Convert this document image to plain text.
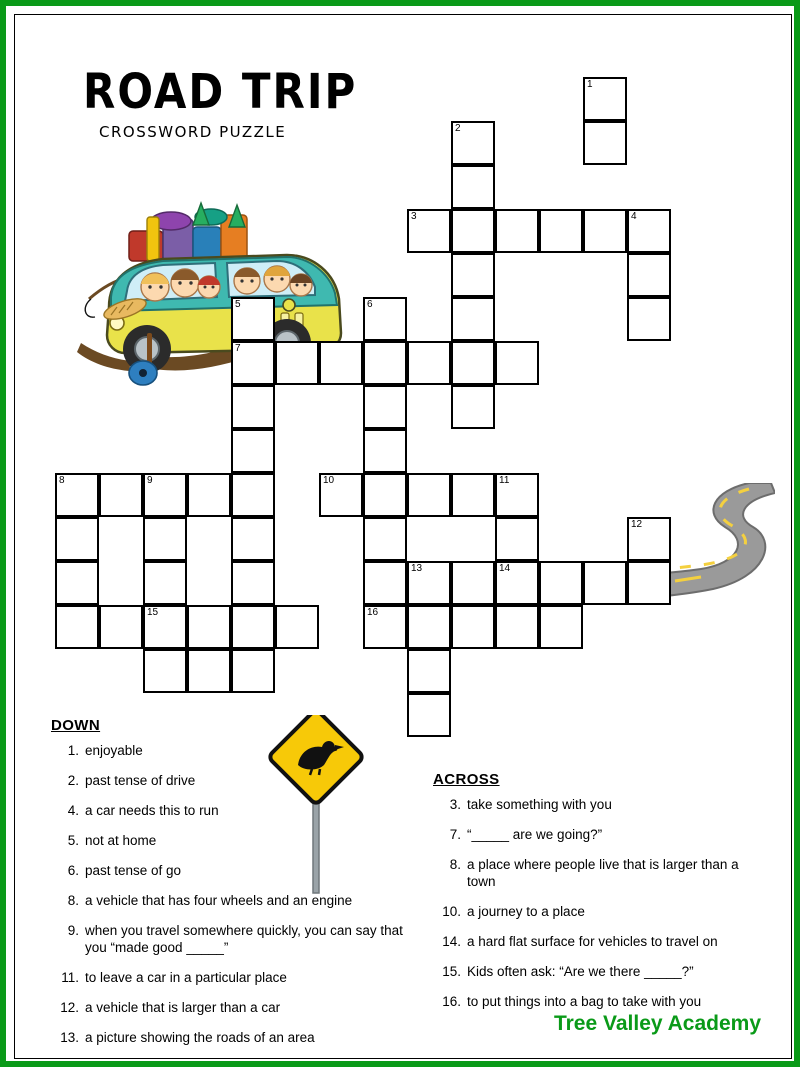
ROAD TRIP
CROSSWORD PUZZLE
1
2
3	4
5	6
7
8	9	10	11
12
13	14
15	16
DOWN
1. enjoyable
2. past tense of drive
4. a car needs this to run
5. not at home
6. past tense of go
8. a vehicle that has four wheels and an engine
9. when you travel somewhere quickly, you can say that you “made good _____”
11. to leave a car in a particular place
12. a vehicle that is larger than a car
13. a picture showing the roads of an area
ACROSS
3. take something with you
7. “_____ are we going?”
8. a place where people live that is larger than a town
10. a journey to a place
14. a hard flat surface for vehicles to travel on
15. Kids often ask: “Are we there _____?”
16. to put things into a bag to take with you
Tree Valley Academy
